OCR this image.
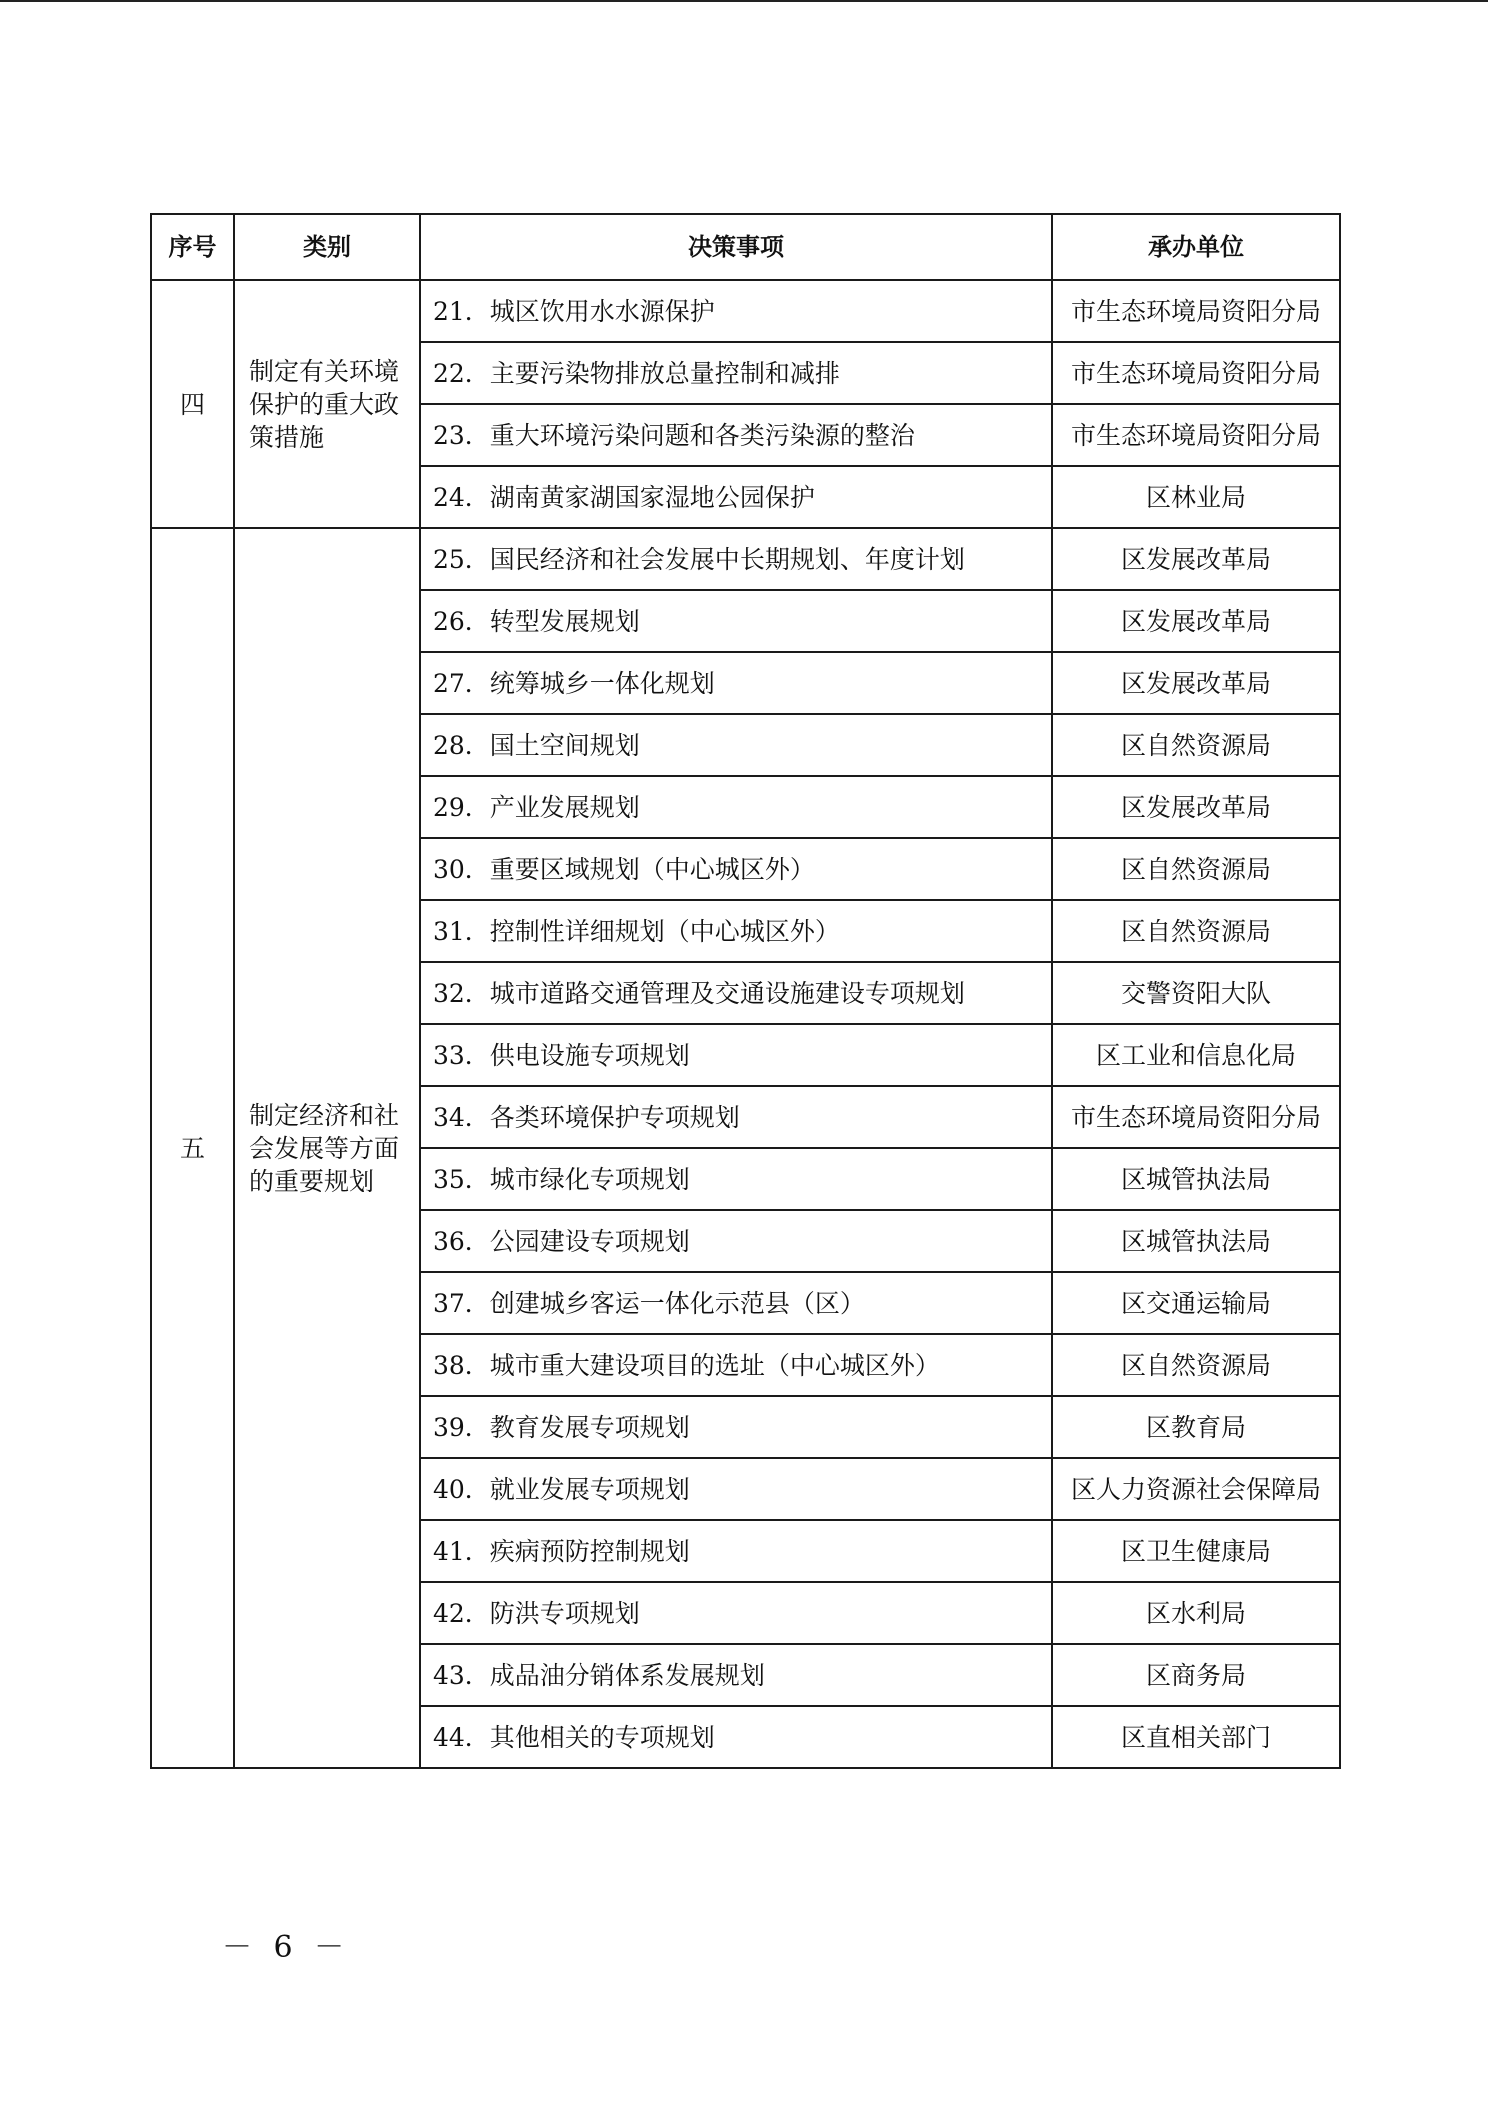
序号	类别	决策事项	承办单位
四	制定有关环境保护的重大政策措施	21．城区饮用水水源保护	市生态环境局资阳分局
		22．主要污染物排放总量控制和减排	市生态环境局资阳分局
		23．重大环境污染问题和各类污染源的整治	市生态环境局资阳分局
		24．湖南黄家湖国家湿地公园保护	区林业局
五	制定经济和社会发展等方面的重要规划	25．国民经济和社会发展中长期规划、年度计划	区发展改革局
		26．转型发展规划	区发展改革局
		27．统筹城乡一体化规划	区发展改革局
		28．国土空间规划	区自然资源局
		29．产业发展规划	区发展改革局
		30．重要区域规划（中心城区外）	区自然资源局
		31．控制性详细规划（中心城区外）	区自然资源局
		32．城市道路交通管理及交通设施建设专项规划	交警资阳大队
		33．供电设施专项规划	区工业和信息化局
		34．各类环境保护专项规划	市生态环境局资阳分局
		35．城市绿化专项规划	区城管执法局
		36．公园建设专项规划	区城管执法局
		37．创建城乡客运一体化示范县（区）	区交通运输局
		38．城市重大建设项目的选址（中心城区外）	区自然资源局
		39．教育发展专项规划	区教育局
		40．就业发展专项规划	区人力资源社会保障局
		41．疾病预防控制规划	区卫生健康局
		42．防洪专项规划	区水利局
		43．成品油分销体系发展规划	区商务局
		44．其他相关的专项规划	区直相关部门
－ 6 －
